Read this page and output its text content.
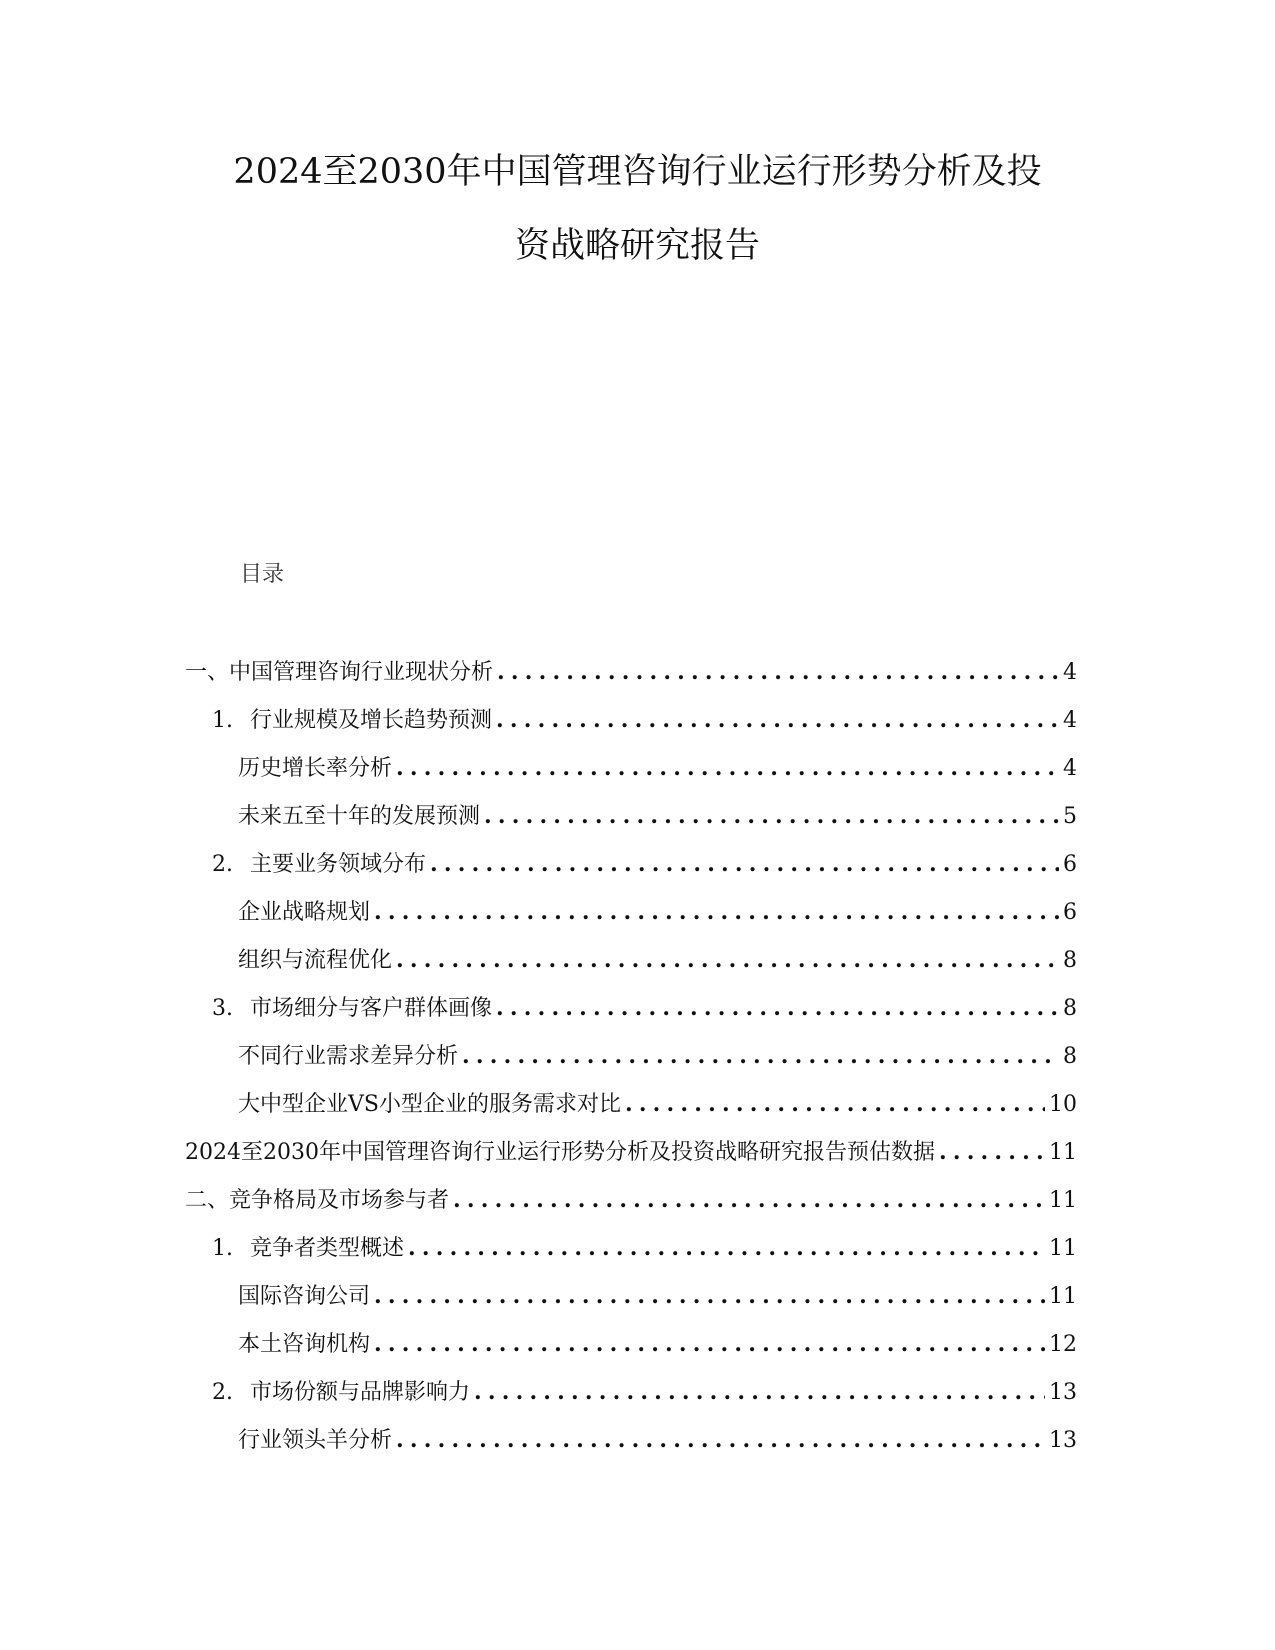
2024至2030年中国管理咨询行业运行形势分析及投
资战略研究报告
目录
一、中国管理咨询行业现状分析 .....	4
1. 行业规模及增长趋势预测 .....	4
历史增长率分析 .....	4
未来五至十年的发展预测 .....	5
2. 主要业务领域分布 .....	6
企业战略规划 .....	6
组织与流程优化 .....	8
3. 市场细分与客户群体画像 .....	8
不同行业需求差异分析 .....	8
大中型企业VS小型企业的服务需求对比 .....	10
2024至2030年中国管理咨询行业运行形势分析及投资战略研究报告预估数据 .....	11
二、竞争格局及市场参与者 .....	11
1. 竞争者类型概述 .....	11
国际咨询公司 .....	11
本土咨询机构 .....	12
2. 市场份额与品牌影响力 .....	13
行业领头羊分析 .....	13
